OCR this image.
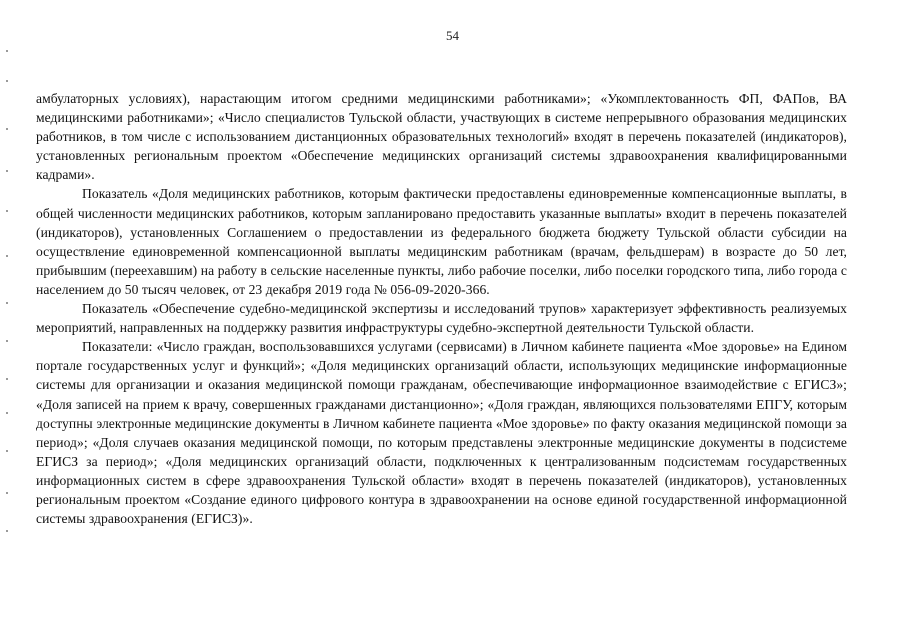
54

амбулаторных условиях), нарастающим итогом средними медицинскими работниками»; «Укомплектованность ФП, ФАПов, ВА медицинскими работниками»; «Число специалистов Тульской области, участвующих в системе непрерывного образования медицинских работников, в том числе с использованием дистанционных образовательных технологий» входят в перечень показателей (индикаторов), установленных региональным проектом «Обеспечение медицинских организаций системы здравоохранения квалифицированными кадрами».

Показатель «Доля медицинских работников, которым фактически предоставлены единовременные компенсационные выплаты, в общей численности медицинских работников, которым запланировано предоставить указанные выплаты» входит в перечень показателей (индикаторов), установленных Соглашением о предоставлении из федерального бюджета бюджету Тульской области субсидии на осуществление единовременной компенсационной выплаты медицинским работникам (врачам, фельдшерам) в возрасте до 50 лет, прибывшим (переехавшим) на работу в сельские населенные пункты, либо рабочие поселки, либо поселки городского типа, либо города с населением до 50 тысяч человек, от 23 декабря 2019 года № 056-09-2020-366.

Показатель «Обеспечение судебно-медицинской экспертизы и исследований трупов» характеризует эффективность реализуемых мероприятий, направленных на поддержку развития инфраструктуры судебно-экспертной деятельности Тульской области.

Показатели: «Число граждан, воспользовавшихся услугами (сервисами) в Личном кабинете пациента «Мое здоровье» на Едином портале государственных услуг и функций»; «Доля медицинских организаций области, использующих медицинские информационные системы для организации и оказания медицинской помощи гражданам, обеспечивающие информационное взаимодействие с ЕГИСЗ»; «Доля записей на прием к врачу, совершенных гражданами дистанционно»; «Доля граждан, являющихся пользователями ЕПГУ, которым доступны электронные медицинские документы в Личном кабинете пациента «Мое здоровье» по факту оказания медицинской помощи за период»; «Доля случаев оказания медицинской помощи, по которым представлены электронные медицинские документы в подсистеме ЕГИСЗ за период»; «Доля медицинских организаций области, подключенных к централизованным подсистемам государственных информационных систем в сфере здравоохранения Тульской области» входят в перечень показателей (индикаторов), установленных региональным проектом «Создание единого цифрового контура в здравоохранении на основе единой государственной информационной системы здравоохранения (ЕГИСЗ)».
